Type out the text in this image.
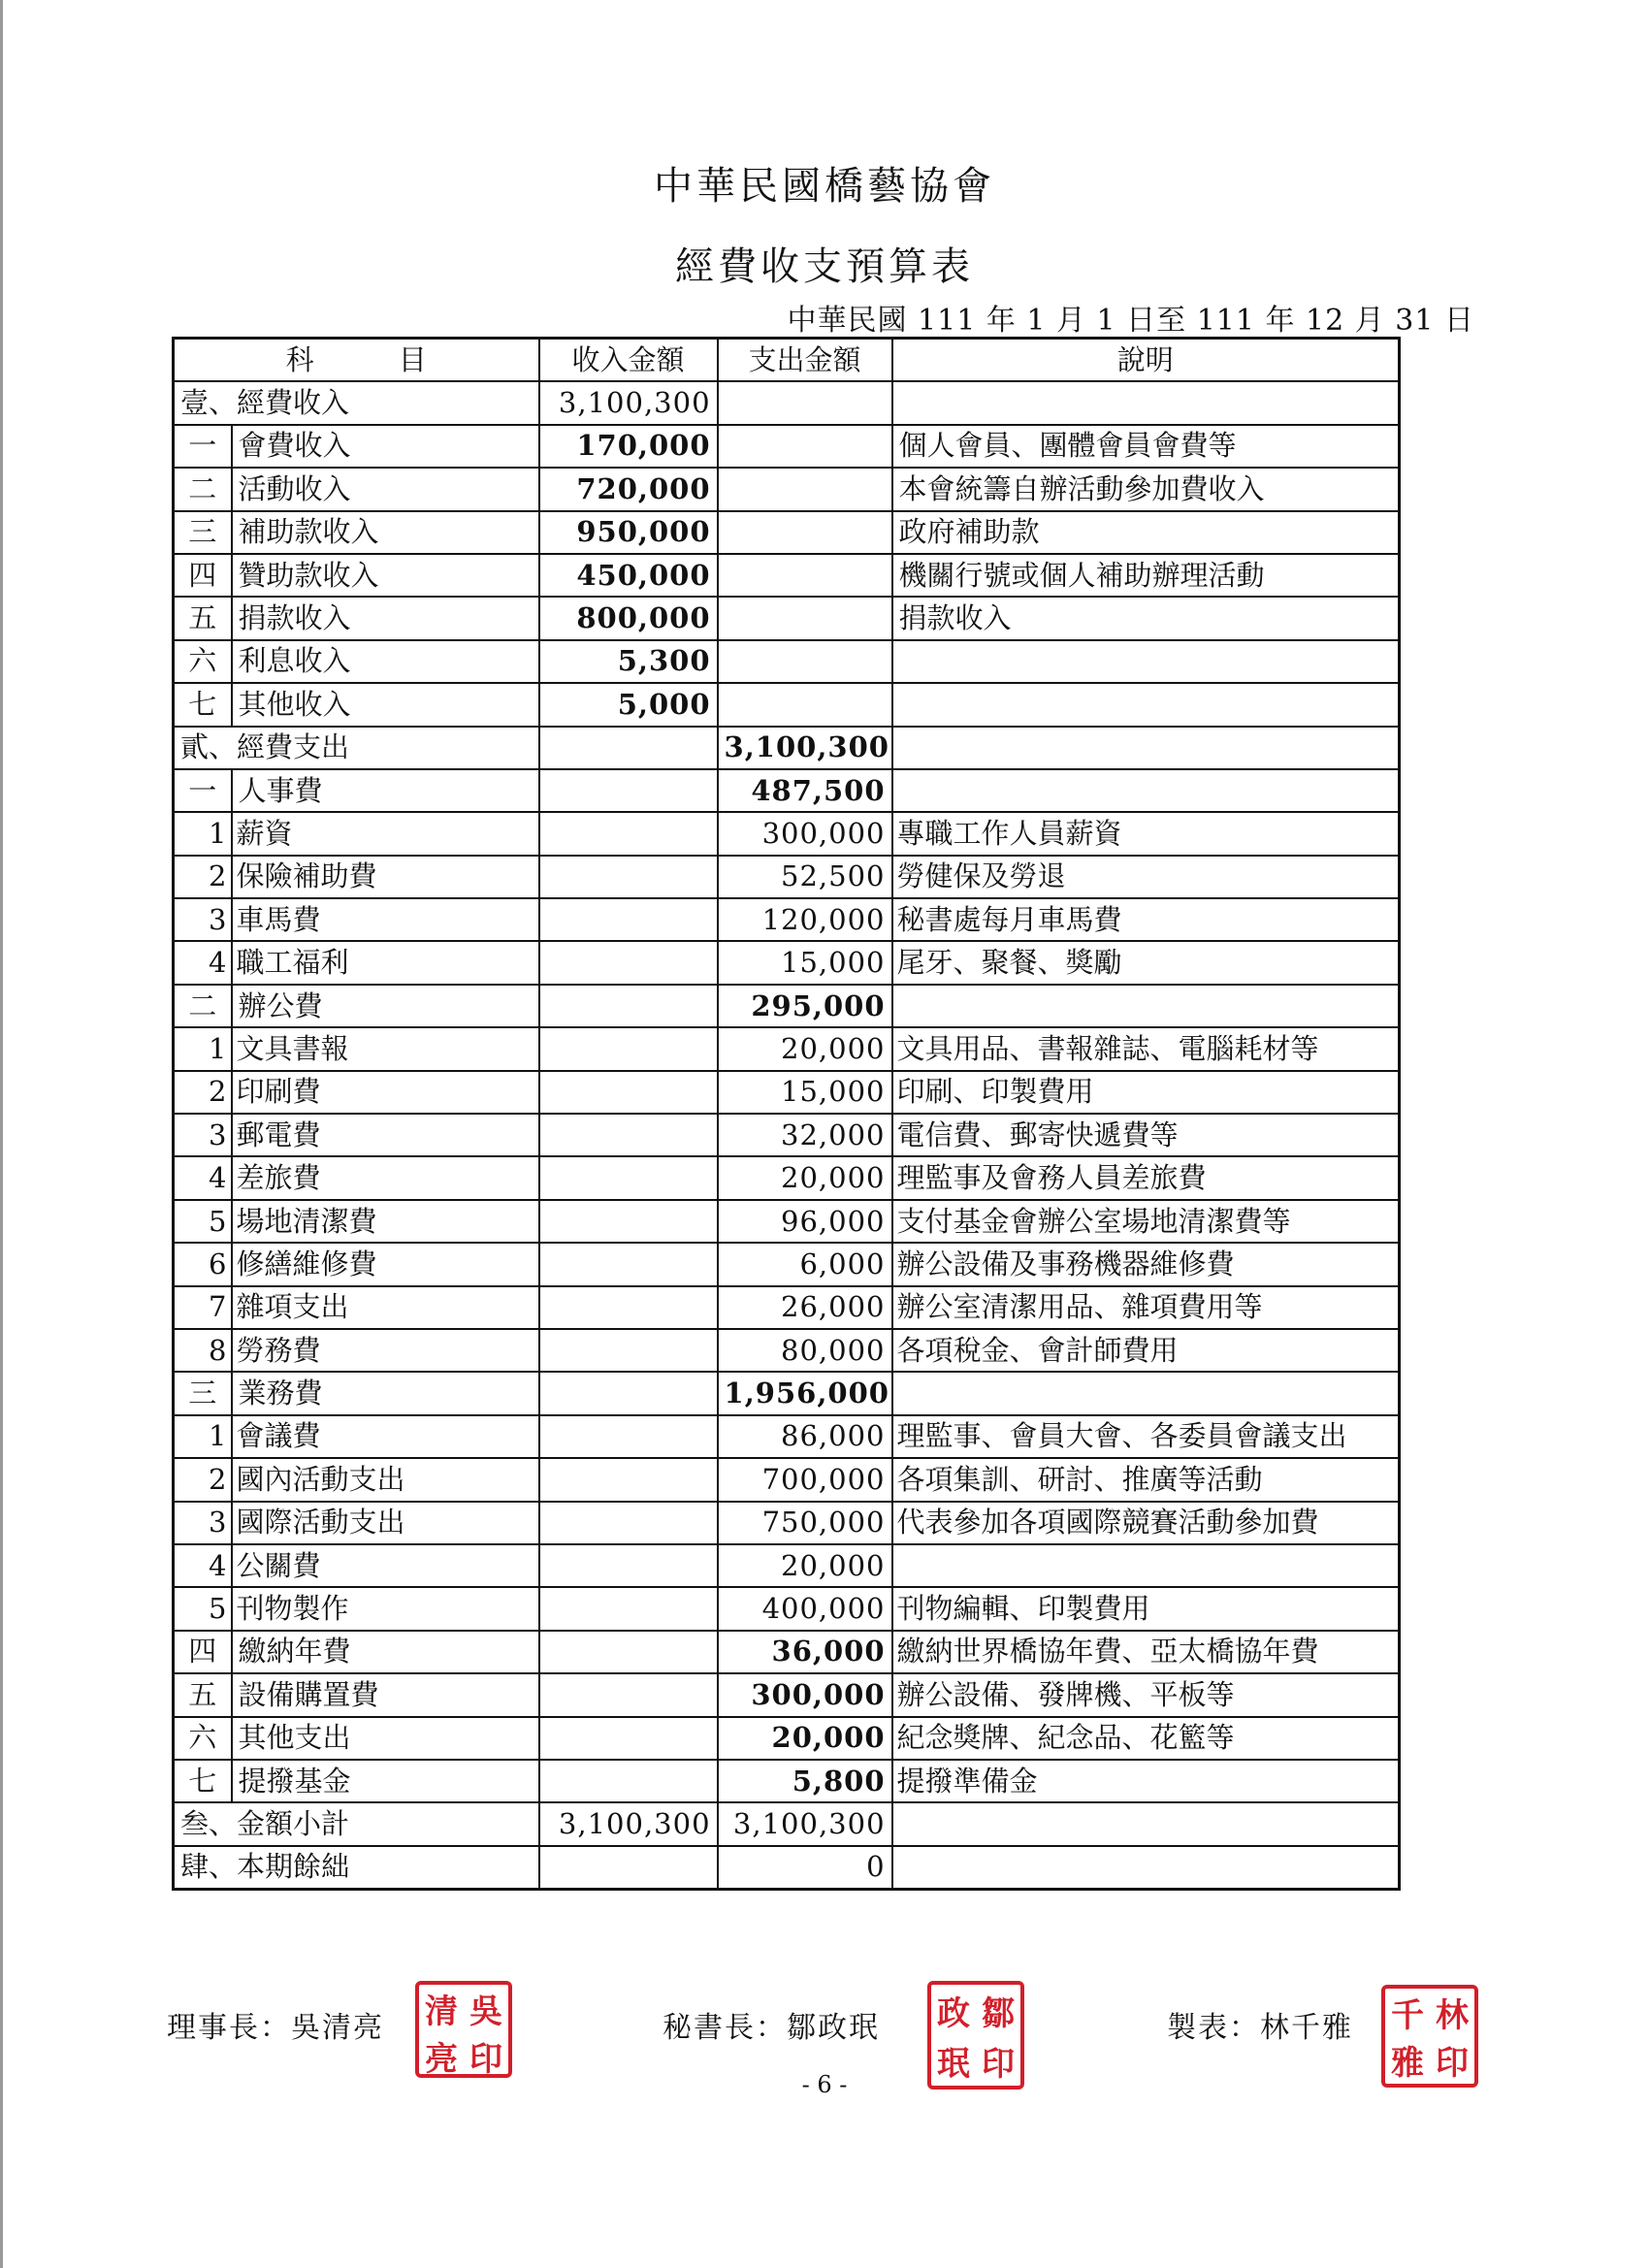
中華民國橋藝協會
經費收支預算表
中華民國 111 年 1 月 1 日至 111 年 12 月 31 日
科　　　目		收入金額	支出金額	說明
壹、經費收入		3,100,300		
一	會費收入	170,000		個人會員、團體會員會費等
二	活動收入	720,000		本會統籌自辦活動參加費收入
三	補助款收入	950,000		政府補助款
四	贊助款收入	450,000		機關行號或個人補助辦理活動
五	捐款收入	800,000		捐款收入
六	利息收入	5,300		
七	其他收入	5,000		
貳、經費支出			3,100,300	
一	人事費		487,500	
1	薪資		300,000	專職工作人員薪資
2	保險補助費		52,500	勞健保及勞退
3	車馬費		120,000	秘書處每月車馬費
4	職工福利		15,000	尾牙、聚餐、獎勵
二	辦公費		295,000	
1	文具書報		20,000	文具用品、書報雜誌、電腦耗材等
2	印刷費		15,000	印刷、印製費用
3	郵電費		32,000	電信費、郵寄快遞費等
4	差旅費		20,000	理監事及會務人員差旅費
5	場地清潔費		96,000	支付基金會辦公室場地清潔費等
6	修繕維修費		6,000	辦公設備及事務機器維修費
7	雜項支出		26,000	辦公室清潔用品、雜項費用等
8	勞務費		80,000	各項稅金、會計師費用
三	業務費		1,956,000	
1	會議費		86,000	理監事、會員大會、各委員會議支出
2	國內活動支出		700,000	各項集訓、研討、推廣等活動
3	國際活動支出		750,000	代表參加各項國際競賽活動參加費
4	公關費		20,000	
5	刊物製作		400,000	刊物編輯、印製費用
四	繳納年費		36,000	繳納世界橋協年費、亞太橋協年費
五	設備購置費		300,000	辦公設備、發牌機、平板等
六	其他支出		20,000	紀念獎牌、紀念品、花籃等
七	提撥基金		5,800	提撥準備金
叁、金額小計		3,100,300	3,100,300	
肆、本期餘絀			0	
理事長：吳清亮 清 吳
亮 印
秘書長：鄒政珉 政 鄒
珉 印
製表：林千雅 千 林
雅 印
- 6 -
